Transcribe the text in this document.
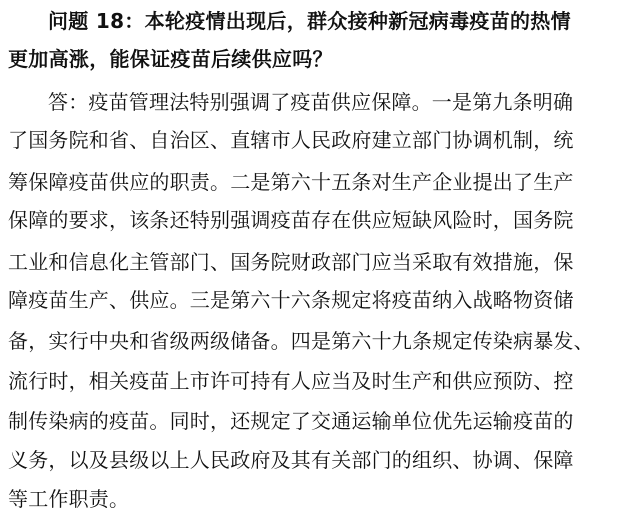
问题 18：本轮疫情出现后，群众接种新冠病毒疫苗的热情
更加高涨，能保证疫苗后续供应吗？
答：疫苗管理法特别强调了疫苗供应保障。一是第九条明确
了国务院和省、自治区、直辖市人民政府建立部门协调机制，统
筹保障疫苗供应的职责。二是第六十五条对生产企业提出了生产
保障的要求，该条还特别强调疫苗存在供应短缺风险时，国务院
工业和信息化主管部门、国务院财政部门应当采取有效措施，保
障疫苗生产、供应。三是第六十六条规定将疫苗纳入战略物资储
备，实行中央和省级两级储备。四是第六十九条规定传染病暴发、
流行时，相关疫苗上市许可持有人应当及时生产和供应预防、控
制传染病的疫苗。同时，还规定了交通运输单位优先运输疫苗的
义务，以及县级以上人民政府及其有关部门的组织、协调、保障
等工作职责。
